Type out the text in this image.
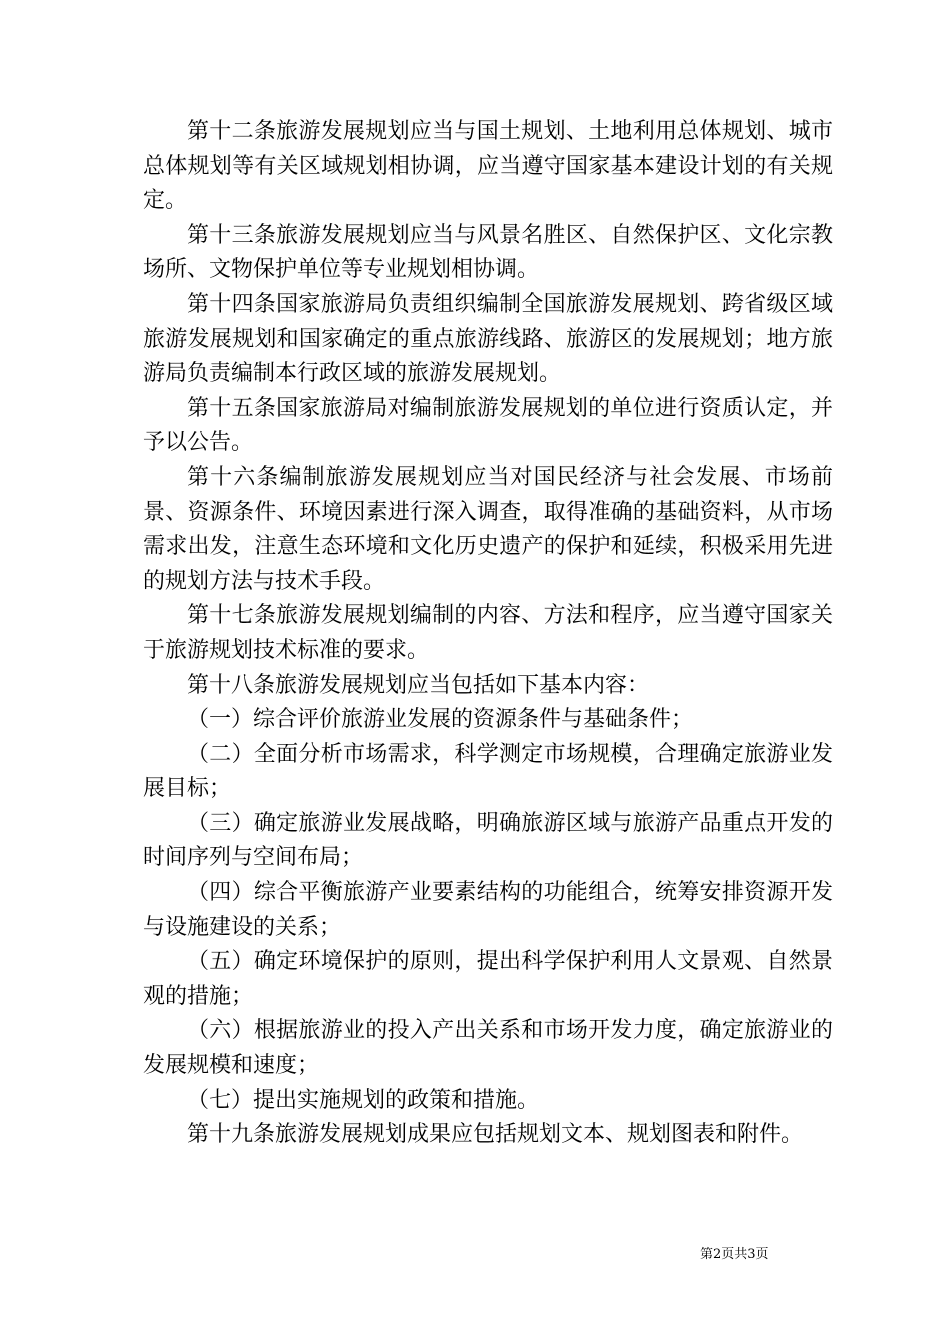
第十二条旅游发展规划应当与国土规划、土地利用总体规划、城市总体规划等有关区域规划相协调，应当遵守国家基本建设计划的有关规定。

第十三条旅游发展规划应当与风景名胜区、自然保护区、文化宗教场所、文物保护单位等专业规划相协调。

第十四条国家旅游局负责组织编制全国旅游发展规划、跨省级区域旅游发展规划和国家确定的重点旅游线路、旅游区的发展规划；地方旅游局负责编制本行政区域的旅游发展规划。

第十五条国家旅游局对编制旅游发展规划的单位进行资质认定，并予以公告。

第十六条编制旅游发展规划应当对国民经济与社会发展、市场前景、资源条件、环境因素进行深入调查，取得准确的基础资料，从市场需求出发，注意生态环境和文化历史遗产的保护和延续，积极采用先进的规划方法与技术手段。

第十七条旅游发展规划编制的内容、方法和程序，应当遵守国家关于旅游规划技术标准的要求。

第十八条旅游发展规划应当包括如下基本内容：

（一）综合评价旅游业发展的资源条件与基础条件；

（二）全面分析市场需求，科学测定市场规模，合理确定旅游业发展目标；

（三）确定旅游业发展战略，明确旅游区域与旅游产品重点开发的时间序列与空间布局；

（四）综合平衡旅游产业要素结构的功能组合，统筹安排资源开发与设施建设的关系；

（五）确定环境保护的原则，提出科学保护利用人文景观、自然景观的措施；

（六）根据旅游业的投入产出关系和市场开发力度，确定旅游业的发展规模和速度；

（七）提出实施规划的政策和措施。

第十九条旅游发展规划成果应包括规划文本、规划图表和附件。

第2页共3页
